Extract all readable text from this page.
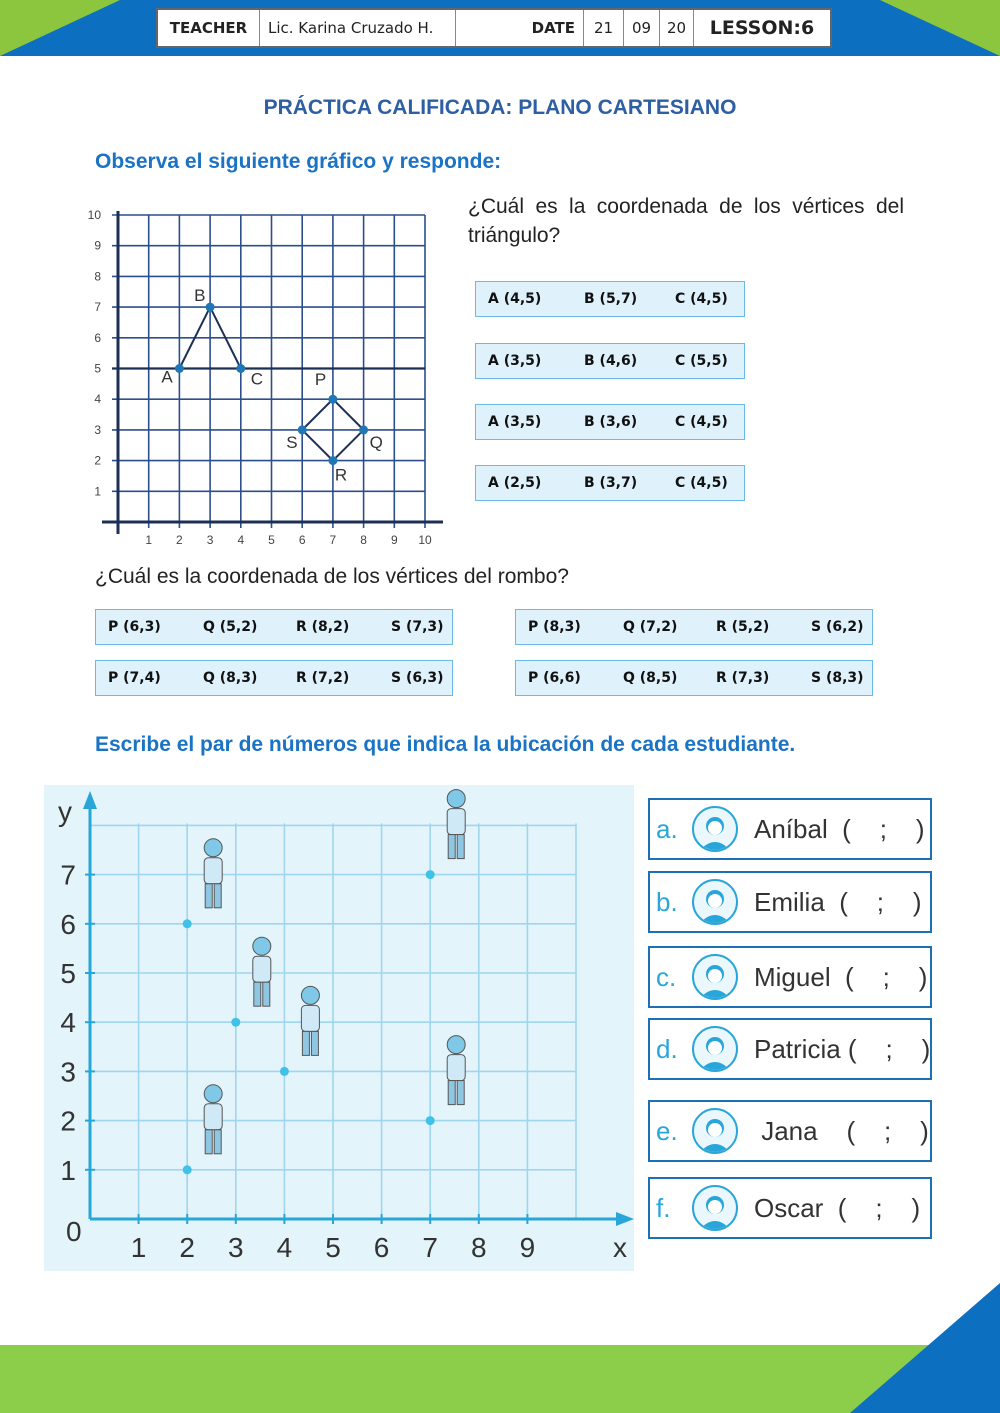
TEACHER	Lic. Karina Cruzado H.	DATE	21	09	20	LESSON:6
PRÁCTICA CALIFICADA: PLANO CARTESIANO
Observa el siguiente gráfico y responde:
1 2 3 4 5 6 7 8 9 10
1
2
3
4
5
6
7
8
9
10
A
B
C	P
Q
R
S
¿Cuál es la coordenada de los vértices del triángulo?
A (4,5)	B (5,7)	C (4,5)
A (3,5)	B (4,6)	C (5,5)
A (3,5)	B (3,6)	C (4,5)
A (2,5)	B (3,7)	C (4,5)
¿Cuál es la coordenada de los vértices del rombo?
P (6,3)	Q (5,2)	R (8,2)	S (7,3)	P (8,3)	Q (7,2)	R (5,2)	S (6,2)
P (7,4)	Q (8,3)	R (7,2)	S (6,3)	P (6,6)	Q (8,5)	R (7,3)	S (8,3)
Escribe el par de números que indica la ubicación de cada estudiante.
1 2 3 4 5 6 7 8 9
1
2
3
4
5
6
7
x
y
0
a.	Aníbal  (    ;    )
b.	Emilia  (    ;    )
c.	Miguel  (    ;    )
d.	Patricia (    ;    )
e.	Jana    (    ;    )
f.	Oscar  (    ;    )
